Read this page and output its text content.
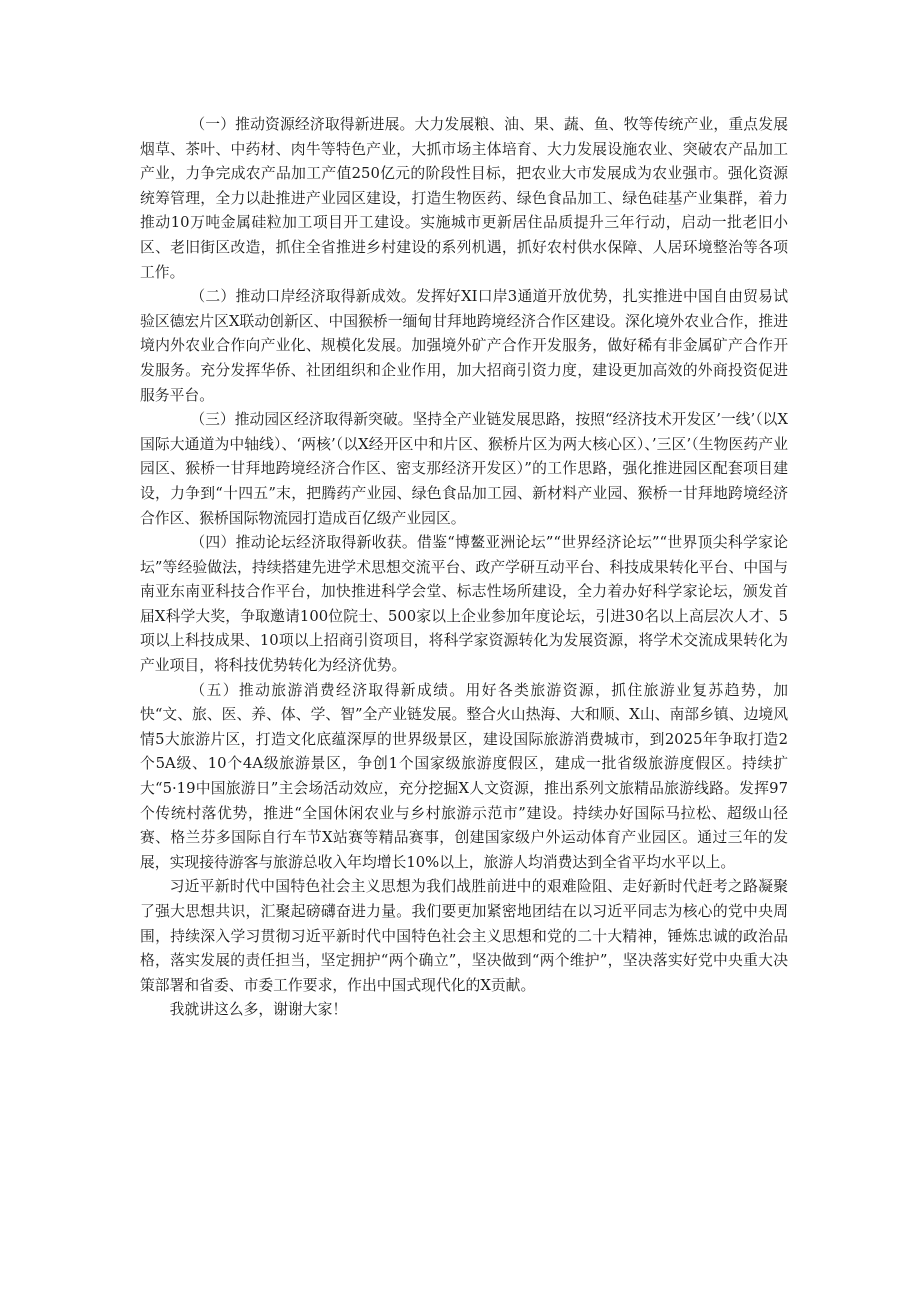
（一）推动资源经济取得新进展。大力发展粮、油、果、蔬、鱼、牧等传统产业，重点发展烟草、茶叶、中药材、肉牛等特色产业，大抓市场主体培育、大力发展设施农业、突破农产品加工产业，力争完成农产品加工产值250亿元的阶段性目标，把农业大市发展成为农业强市。强化资源统筹管理，全力以赴推进产业园区建设，打造生物医药、绿色食品加工、绿色硅基产业集群，着力推动10万吨金属硅粒加工项目开工建设。实施城市更新居住品质提升三年行动，启动一批老旧小区、老旧街区改造，抓住全省推进乡村建设的系列机遇，抓好农村供水保障、人居环境整治等各项工作。

（二）推动口岸经济取得新成效。发挥好XI口岸3通道开放优势，扎实推进中国自由贸易试验区德宏片区X联动创新区、中国猴桥一缅甸甘拜地跨境经济合作区建设。深化境外农业合作，推进境内外农业合作向产业化、规模化发展。加强境外矿产合作开发服务，做好稀有非金属矿产合作开发服务。充分发挥华侨、社团组织和企业作用，加大招商引资力度，建设更加高效的外商投资促进服务平台。

（三）推动园区经济取得新突破。坚持全产业链发展思路，按照“经济技术开发区’一线’（以X国际大通道为中轴线）、‘两核’（以X经开区中和片区、猴桥片区为两大核心区）、’三区’（生物医药产业园区、猴桥一甘拜地跨境经济合作区、密支那经济开发区）”的工作思路，强化推进园区配套项目建设，力争到“十四五”末，把腾药产业园、绿色食品加工园、新材料产业园、猴桥一甘拜地跨境经济合作区、猴桥国际物流园打造成百亿级产业园区。

（四）推动论坛经济取得新收获。借鉴“博鳌亚洲论坛”“世界经济论坛”“世界顶尖科学家论坛”等经验做法，持续搭建先进学术思想交流平台、政产学研互动平台、科技成果转化平台、中国与南亚东南亚科技合作平台，加快推进科学会堂、标志性场所建设，全力着办好科学家论坛，颁发首届X科学大奖，争取邀请100位院士、500家以上企业参加年度论坛，引进30名以上高层次人才、5项以上科技成果、10项以上招商引资项目，将科学家资源转化为发展资源，将学术交流成果转化为产业项目，将科技优势转化为经济优势。

（五）推动旅游消费经济取得新成绩。用好各类旅游资源，抓住旅游业复苏趋势，加快“文、旅、医、养、体、学、智”全产业链发展。整合火山热海、大和顺、X山、南部乡镇、边境风情5大旅游片区，打造文化底蕴深厚的世界级景区，建设国际旅游消费城市，到2025年争取打造2个5A级、10个4A级旅游景区，争创1个国家级旅游度假区，建成一批省级旅游度假区。持续扩大“5·19中国旅游日”主会场活动效应，充分挖掘X人文资源，推出系列文旅精品旅游线路。发挥97个传统村落优势，推进“全国休闲农业与乡村旅游示范市”建设。持续办好国际马拉松、超级山径赛、格兰芬多国际自行车节X站赛等精品赛事，创建国家级户外运动体育产业园区。通过三年的发展，实现接待游客与旅游总收入年均增长10%以上，旅游人均消费达到全省平均水平以上。

习近平新时代中国特色社会主义思想为我们战胜前进中的艰难险阻、走好新时代赶考之路凝聚了强大思想共识，汇聚起磅礴奋进力量。我们要更加紧密地团结在以习近平同志为核心的党中央周围，持续深入学习贯彻习近平新时代中国特色社会主义思想和党的二十大精神，锤炼忠诚的政治品格，落实发展的责任担当，坚定拥护“两个确立”，坚决做到“两个维护”，坚决落实好党中央重大决策部署和省委、市委工作要求，作出中国式现代化的X贡献。

我就讲这么多，谢谢大家！
